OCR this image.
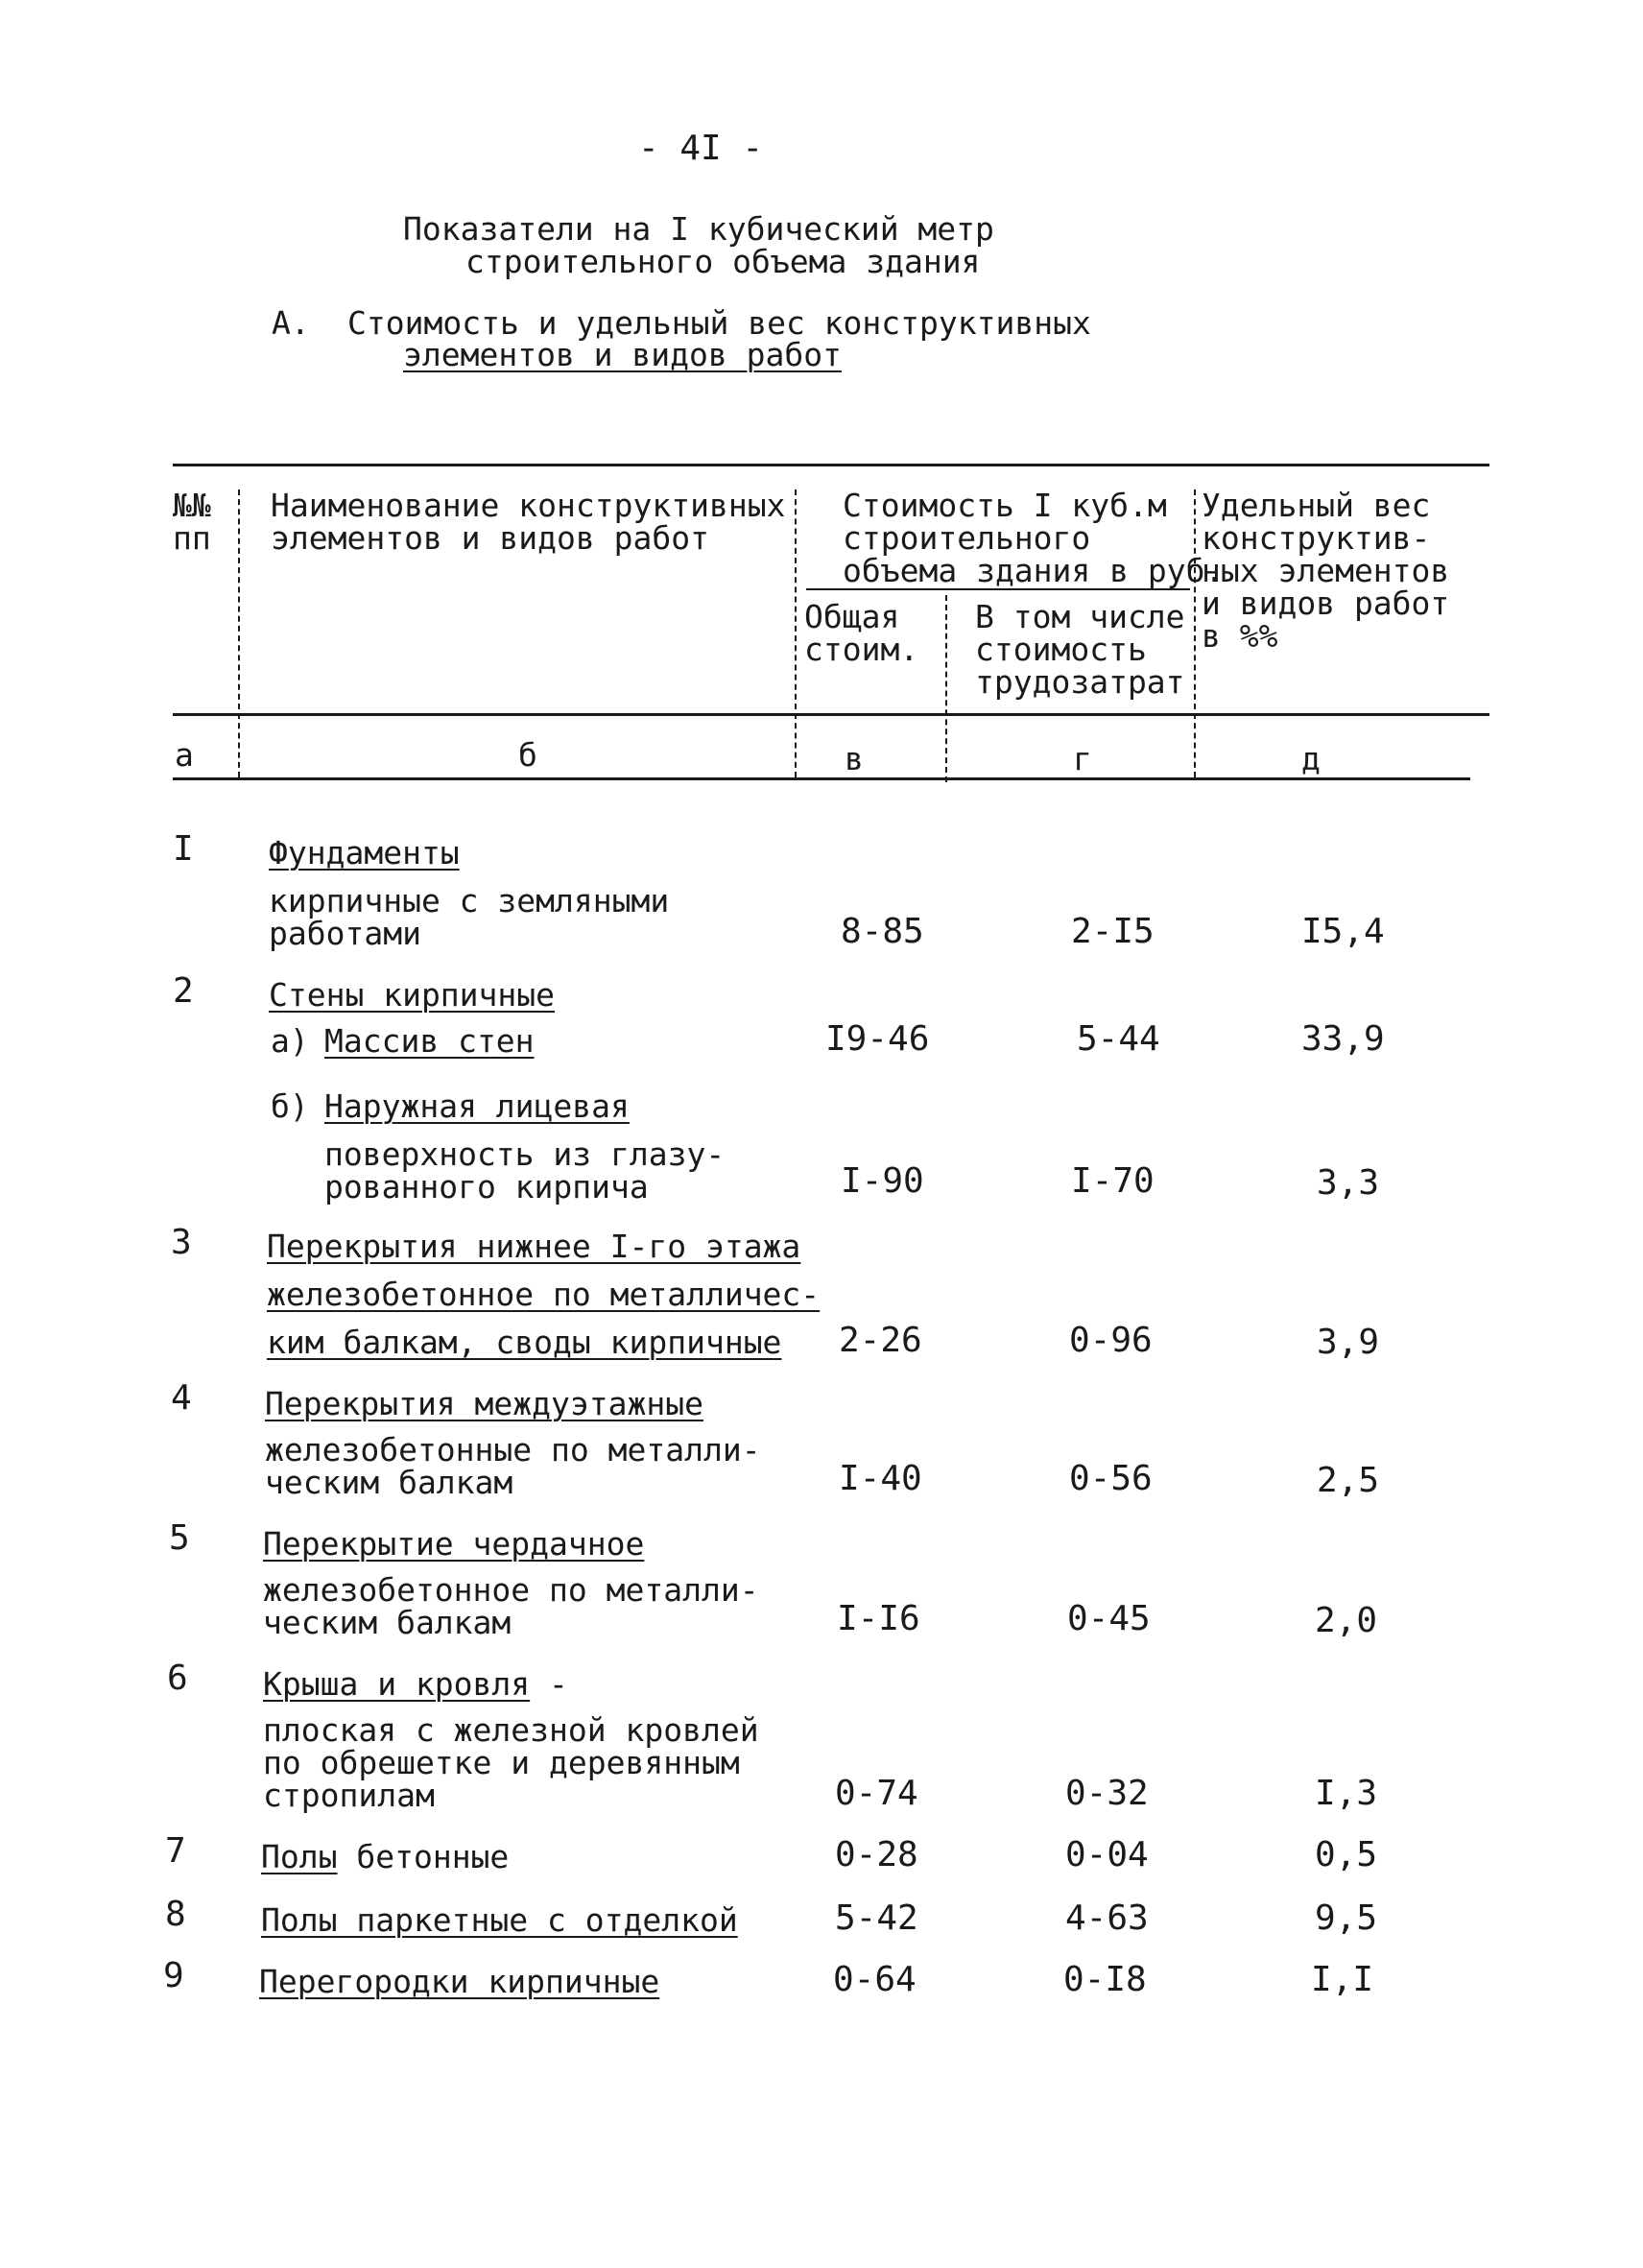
- 4I -
Показатели на I кубический метр
строительного объема здания
А. Стоимость и удельный вес конструктивных
элементов и видов работ
№№
пп
Наименование конструктивных
элементов и видов работ
Стоимость I куб.м
строительного
объема здания в руб.
Общая
стоим.
В том числе
стоимость
трудозатрат
Удельный вес
конструктив-
ных элементов
и видов работ
в %%
а	б	в	г	д
I Фундаменты
кирпичные с земляными
работами	8-85	2-I5	I5,4
2 Стены кирпичные
а) Массив стен	I9-46	5-44	33,9
б) Наружная лицевая
поверхность из глазу-
рованного кирпича	I-90	I-70	3,3
3 Перекрытия нижнее I-го этажа
железобетонное по металличес-
ким балкам, своды кирпичные 2-26	0-96	3,9
4 Перекрытия междуэтажные
железобетонные по металли-
ческим балкам	I-40	0-56	2,5
5 Перекрытие чердачное
железобетонное по металли-
ческим балкам	I-I6	0-45	2,0
6 Крыша и кровля -
плоская с железной кровлей
по обрешетке и деревянным
стропилам	0-74	0-32	I,3
7 Полы бетонные	0-28	0-04	0,5
8 Полы паркетные с отделкой	5-42	4-63	9,5
9 Перегородки кирпичные	0-64	0-I8	I,I
